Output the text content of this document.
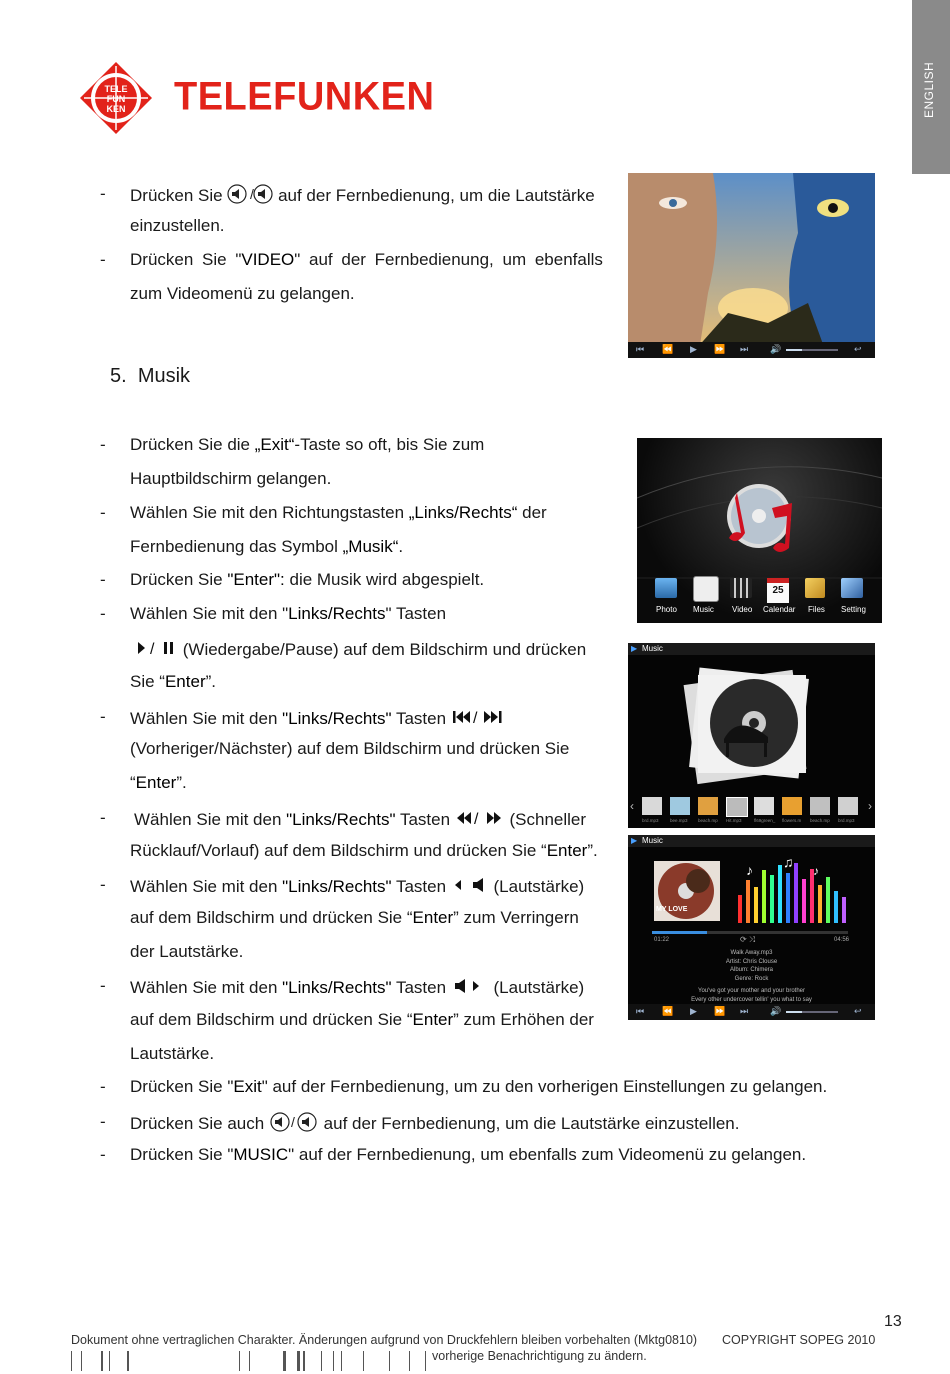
ENGLISH
TELE
FUN
KEN TELEFUNKEN
- Drücken Sie / auf der Fernbedienung, um die Lautstärke
einzustellen.
- Drücken Sie "VIDEO" auf der Fernbedienung, um ebenfalls
zum Videomenü zu gelangen.
⏮ ⏪ ▶ ⏩ ⏭ 🔊	↩
5. Musik
- Drücken Sie die „Exit“-Taste so oft, bis Sie zum
Hauptbildschirm gelangen.
- Wählen Sie mit den Richtungstasten „Links/Rechts“ der
Fernbedienung das Symbol „Musik“.
- Drücken Sie "Enter": die Musik wird abgespielt.
- Wählen Sie mit den "Links/Rechts" Tasten
/ (Wiedergabe/Pause) auf dem Bildschirm und drücken
Sie “Enter”.
- Wählen Sie mit den "Links/Rechts" Tasten /
(Vorheriger/Nächster) auf dem Bildschirm und drücken Sie
“Enter”.
- Wählen Sie mit den "Links/Rechts" Tasten / (Schneller
Rücklauf/Vorlauf) auf dem Bildschirm und drücken Sie “Enter”.
- Wählen Sie mit den "Links/Rechts" Tasten	(Lautstärke)
auf dem Bildschirm und drücken Sie “Enter” zum Verringern
der Lautstärke.
- Wählen Sie mit den "Links/Rechts" Tasten	(Lautstärke)
auf dem Bildschirm und drücken Sie “Enter” zum Erhöhen der
Lautstärke.
- Drücken Sie "Exit" auf der Fernbedienung, um zu den vorherigen Einstellungen zu gelangen.
- Drücken Sie auch / auf der Fernbedienung, um die Lautstärke einzustellen.
- Drücken Sie "MUSIC" auf der Fernbedienung, um ebenfalls zum Videomenü zu gelangen.
25
Photo Music Video Calendar Files Setting
▶ Music
‹	›
brd.mp3	bee.mp3 beach.mp Hit.mp3	fl69green_ flowers.m beach.mp brd.mp3
▶ Music
♪ ♫
♪
MY LOVE
01:22	⟳ ⤨	04:56
Walk Away.mp3
Artist: Chris Clouse
Album: Chimera
Genre: Rock
You've got your mother and your brother
Every other undercover tellin' you what to say
⏮ ⏪ ▶ ⏩ ⏭ 🔊	↩
13
Dokument ohne vertraglichen Charakter. Änderungen aufgrund von Druckfehlern bleiben vorbehalten (Mktg0810) COPYRIGHT SOPEG 2010
vorherige Benachrichtigung zu ändern.
